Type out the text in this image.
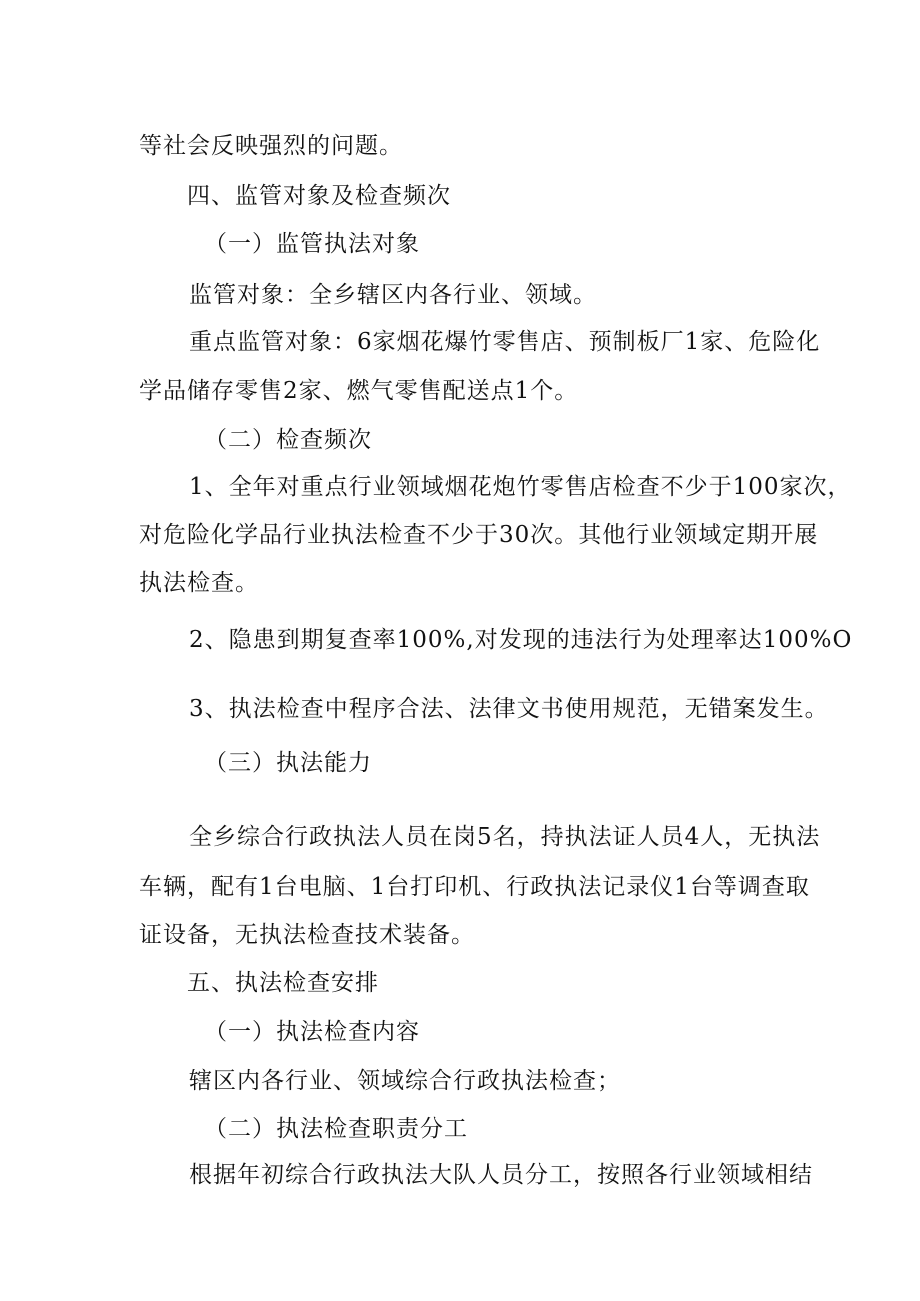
等社会反映强烈的问题。
四、监管对象及检查频次
（一）监管执法对象
监管对象：全乡辖区内各行业、领域。
重点监管对象：6家烟花爆竹零售店、预制板厂1家、危险化
学品储存零售2家、燃气零售配送点1个。
（二）检查频次
1、全年对重点行业领域烟花炮竹零售店检查不少于100家次，
对危险化学品行业执法检查不少于30次。其他行业领域定期开展
执法检查。
2、隐患到期复查率100%,对发现的违法行为处理率达100%O
3、执法检查中程序合法、法律文书使用规范，无错案发生。
（三）执法能力
全乡综合行政执法人员在岗5名，持执法证人员4人，无执法
车辆，配有1台电脑、1台打印机、行政执法记录仪1台等调查取
证设备，无执法检查技术装备。
五、执法检查安排
（一）执法检查内容
辖区内各行业、领域综合行政执法检查；
（二）执法检查职责分工
根据年初综合行政执法大队人员分工，按照各行业领域相结
